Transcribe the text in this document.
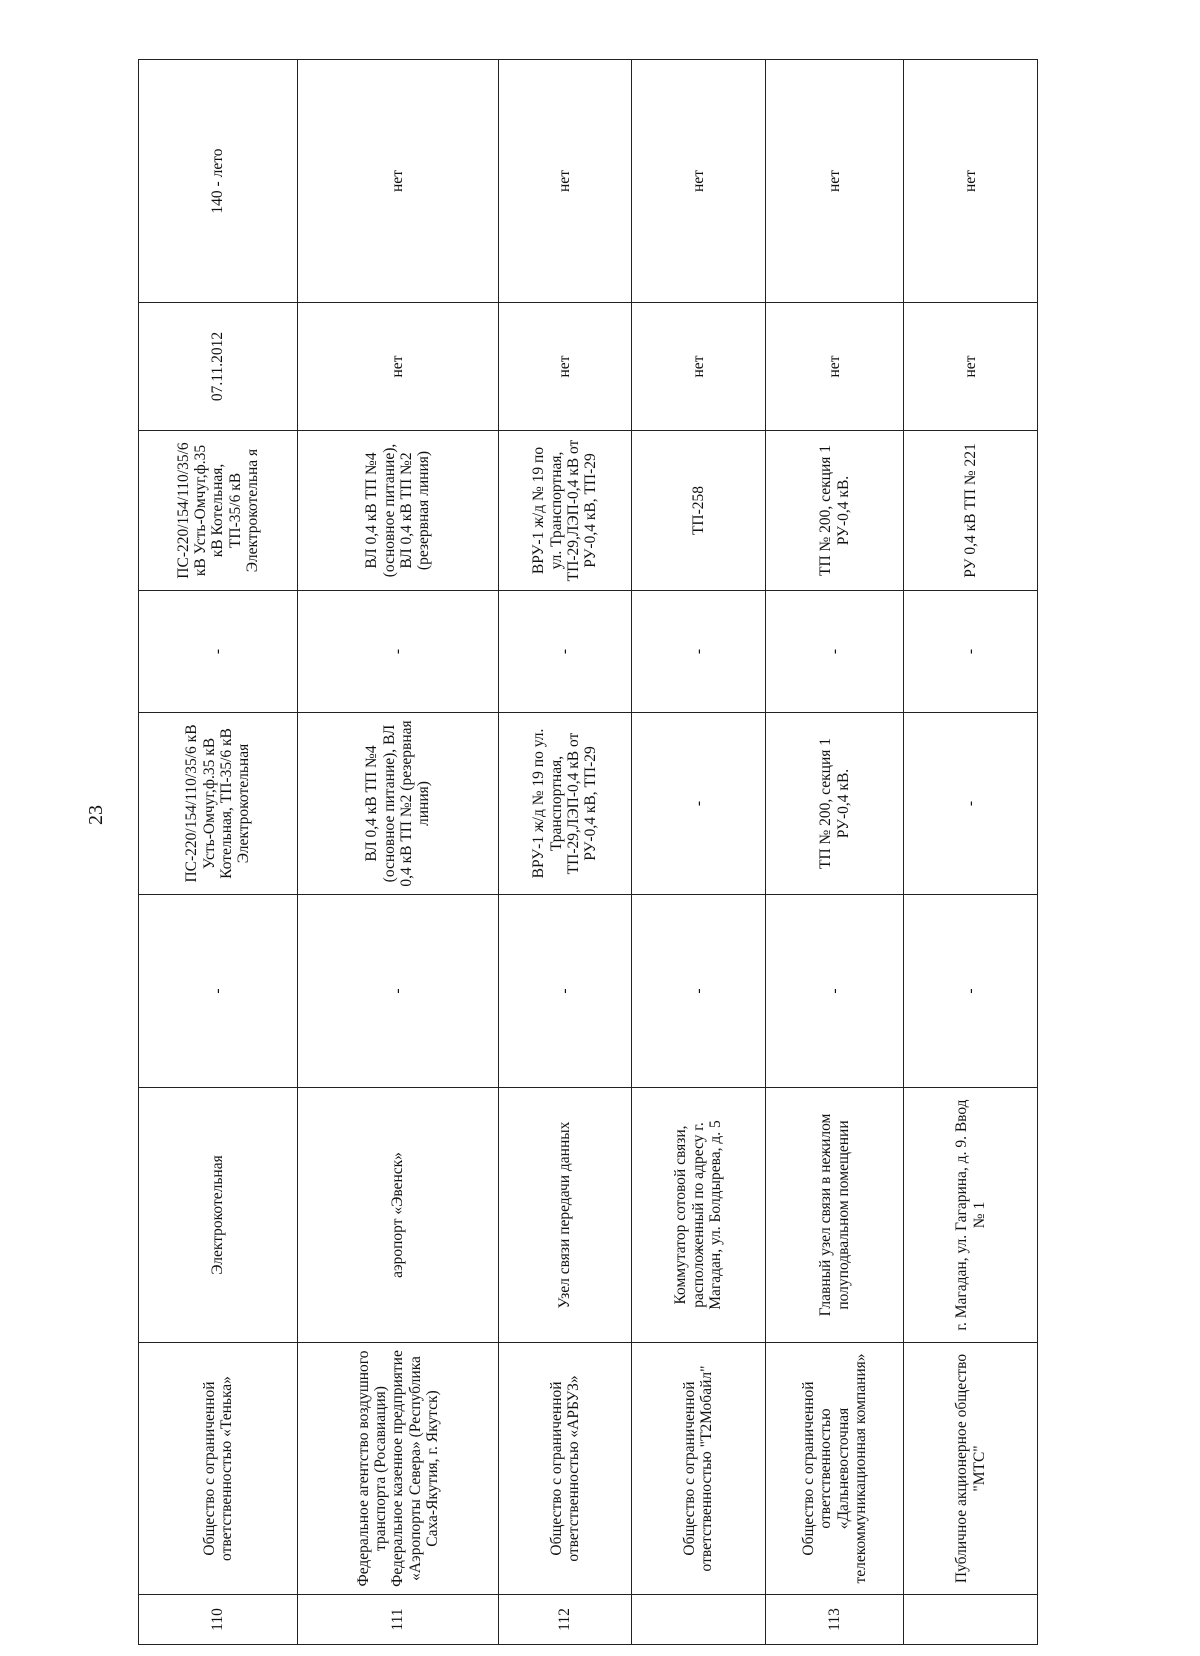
23
110	Общество с ограниченной ответственностью «Тенька»	Электрокотельная	-	ПС-220/154/110/35/6 кВ Усть-Омчуг,ф.35 кВ Котельная, ТП-35/6 кВ Электрокотельная	-	ПС-220/154/110/35/6 кВ Усть-Омчуг,ф.35 кВ Котельная, ТП-35/6 кВ Электрокотельна я	07.11.2012	140 - лето
111	Федеральное агентство воздушного транспорта (Росавиация) Федеральное казенное предприятие «Аэропорты Севера» (Республика Саха-Якутия, г. Якутск)	аэропорт «Эвенск»	-	ВЛ 0,4 кВ ТП №4 (основное питание), ВЛ 0,4 кВ ТП №2 (резервная линия)	-	ВЛ 0,4 кВ ТП №4 (основное питание), ВЛ 0,4 кВ ТП №2 (резервная линия)	нет	нет
112	Общество с ограниченной ответственностью «АРБУЗ»	Узел связи передачи данных	-	ВРУ-1 ж/д № 19 по ул. Транспортная, ТП-29,ЛЭП-0,4 кВ от РУ-0,4 кВ, ТП-29	-	ВРУ-1 ж/д № 19 по ул. Транспортная, ТП-29,ЛЭП-0,4 кВ от РУ-0,4 кВ, ТП-29	нет	нет
	Общество с ограниченной ответственностью "Т2Мобайл"	Коммутатор сотовой связи, расположенный по адресу г. Магадан, ул. Болдырева, д. 5	-	-	-	ТП-258	нет	нет
113	Общество с ограниченной ответственностью «Дальневосточная телекоммуникационная компания»	Главный узел связи в нежилом полуподвальном помещении	-	ТП № 200, секция 1 РУ-0,4 кВ.	-	ТП № 200, секция 1 РУ-0,4 кВ.	нет	нет
	Публичное акционерное общество "МТС"	г. Магадан, ул. Гагарина, д. 9. Ввод № 1	-	-	-	РУ 0,4 кВ ТП № 221	нет	нет
